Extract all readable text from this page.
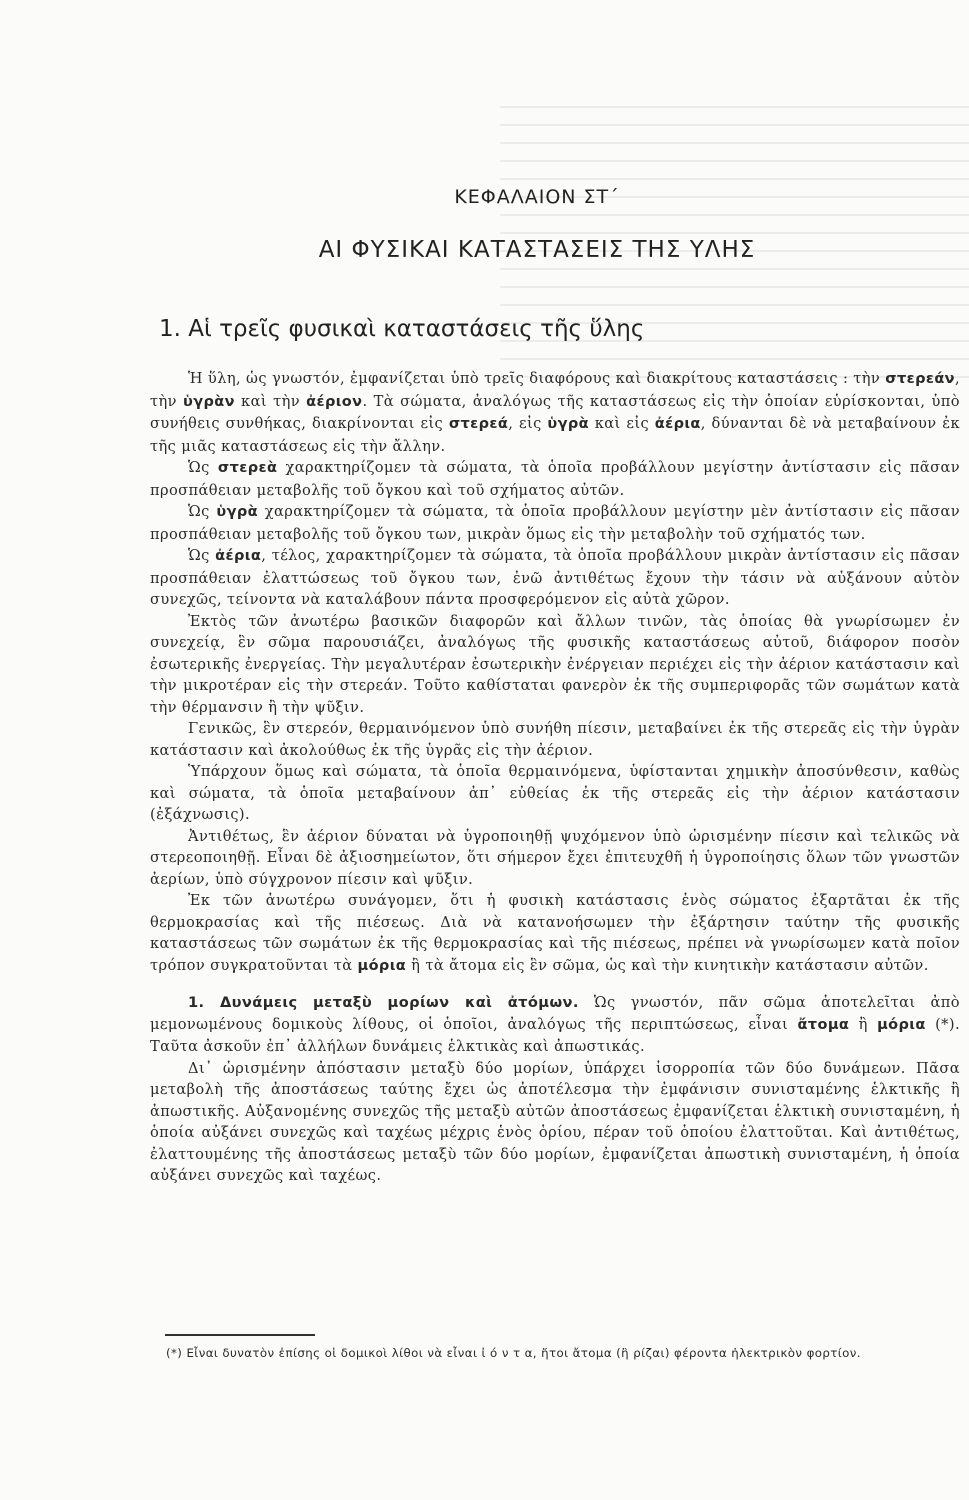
ΚΕΦΑΛΑΙΟΝ ΣΤ΄
ΑΙ ΦΥΣΙΚΑΙ ΚΑΤΑΣΤΑΣΕΙΣ ΤΗΣ ΥΛΗΣ
1. Αἱ τρεῖς φυσικαὶ καταστάσεις τῆς ὕλης

Ἡ ὕλη, ὡς γνωστόν, ἐμφανίζεται ὑπὸ τρεῖς διαφόρους καὶ διακρίτους καταστάσεις : τὴν στερεάν, τὴν ὑγρὰν καὶ τὴν ἀέριον. Τὰ σώματα, ἀναλόγως τῆς καταστάσεως εἰς τὴν ὁποίαν εὑρίσκονται, ὑπὸ συνήθεις συνθήκας, διακρίνονται εἰς στερεά, εἰς ὑγρὰ καὶ εἰς ἀέρια, δύνανται δὲ νὰ μεταβαίνουν ἐκ τῆς μιᾶς καταστάσεως εἰς τὴν ἄλλην.

Ὡς στερεὰ χαρακτηρίζομεν τὰ σώματα, τὰ ὁποῖα προβάλλουν μεγίστην ἀντίστασιν εἰς πᾶσαν προσπάθειαν μεταβολῆς τοῦ ὄγκου καὶ τοῦ σχήματος αὐτῶν.

Ὡς ὑγρὰ χαρακτηρίζομεν τὰ σώματα, τὰ ὁποῖα προβάλλουν μεγίστην μὲν ἀντίστασιν εἰς πᾶσαν προσπάθειαν μεταβολῆς τοῦ ὄγκου των, μικρὰν ὅμως εἰς τὴν μεταβολὴν τοῦ σχήματός των.

Ὡς ἀέρια, τέλος, χαρακτηρίζομεν τὰ σώματα, τὰ ὁποῖα προβάλλουν μικρὰν ἀντίστασιν εἰς πᾶσαν προσπάθειαν ἐλαττώσεως τοῦ ὄγκου των, ἐνῶ ἀντιθέτως ἔχουν τὴν τάσιν νὰ αὐξάνουν αὐτὸν συνεχῶς, τείνοντα νὰ καταλάβουν πάντα προσφερόμενον εἰς αὐτὰ χῶρον.

Ἐκτὸς τῶν ἀνωτέρω βασικῶν διαφορῶν καὶ ἄλλων τινῶν, τὰς ὁποίας θὰ γνωρίσωμεν ἐν συνεχείᾳ, ἓν σῶμα παρουσιάζει, ἀναλόγως τῆς φυσικῆς καταστάσεως αὐτοῦ, διάφορον ποσὸν ἐσωτερικῆς ἐνεργείας. Τὴν μεγαλυτέραν ἐσωτερικὴν ἐνέργειαν περιέχει εἰς τὴν ἀέριον κατάστασιν καὶ τὴν μικροτέραν εἰς τὴν στερεάν. Τοῦτο καθίσταται φανερὸν ἐκ τῆς συμπεριφορᾶς τῶν σωμάτων κατὰ τὴν θέρμανσιν ἢ τὴν ψῦξιν.

Γενικῶς, ἓν στερεόν, θερμαινόμενον ὑπὸ συνήθη πίεσιν, μεταβαίνει ἐκ τῆς στερεᾶς εἰς τὴν ὑγρὰν κατάστασιν καὶ ἀκολούθως ἐκ τῆς ὑγρᾶς εἰς τὴν ἀέριον.

Ὑπάρχουν ὅμως καὶ σώματα, τὰ ὁποῖα θερμαινόμενα, ὑφίστανται χημικὴν ἀποσύνθεσιν, καθὼς καὶ σώματα, τὰ ὁποῖα μεταβαίνουν ἀπ᾽ εὐθείας ἐκ τῆς στερεᾶς εἰς τὴν ἀέριον κατάστασιν (ἐξάχνωσις).

Ἀντιθέτως, ἓν ἀέριον δύναται νὰ ὑγροποιηθῇ ψυχόμενον ὑπὸ ὡρισμένην πίεσιν καὶ τελικῶς νὰ στερεοποιηθῇ. Εἶναι δὲ ἀξιοσημείωτον, ὅτι σήμερον ἔχει ἐπιτευχθῆ ἡ ὑγροποίησις ὅλων τῶν γνωστῶν ἀερίων, ὑπὸ σύγχρονον πίεσιν καὶ ψῦξιν.

Ἐκ τῶν ἀνωτέρω συνάγομεν, ὅτι ἡ φυσικὴ κατάστασις ἑνὸς σώματος ἐξαρτᾶται ἐκ τῆς θερμοκρασίας καὶ τῆς πιέσεως. Διὰ νὰ κατανοήσωμεν τὴν ἐξάρτησιν ταύτην τῆς φυσικῆς καταστάσεως τῶν σωμάτων ἐκ τῆς θερμοκρασίας καὶ τῆς πιέσεως, πρέπει νὰ γνωρίσωμεν κατὰ ποῖον τρόπον συγκρατοῦνται τὰ μόρια ἢ τὰ ἄτομα εἰς ἓν σῶμα, ὡς καὶ τὴν κινητικὴν κατάστασιν αὐτῶν.

1. Δυνάμεις μεταξὺ μορίων καὶ ἀτόμων. Ὡς γνωστόν, πᾶν σῶμα ἀποτελεῖται ἀπὸ μεμονωμένους δομικοὺς λίθους, οἱ ὁποῖοι, ἀναλόγως τῆς περιπτώσεως, εἶναι ἄτομα ἢ μόρια (*). Ταῦτα ἀσκοῦν ἐπ᾽ ἀλλήλων δυνάμεις ἑλκτικὰς καὶ ἀπωστικάς.

Δι᾽ ὡρισμένην ἀπόστασιν μεταξὺ δύο μορίων, ὑπάρχει ἰσορροπία τῶν δύο δυνάμεων. Πᾶσα μεταβολὴ τῆς ἀποστάσεως ταύτης ἔχει ὡς ἀποτέλεσμα τὴν ἐμφάνισιν συνισταμένης ἑλκτικῆς ἢ ἀπωστικῆς. Αὐξανομένης συνεχῶς τῆς μεταξὺ αὐτῶν ἀποστάσεως ἐμφανίζεται ἑλκτικὴ συνισταμένη, ἡ ὁποία αὐξάνει συνεχῶς καὶ ταχέως μέχρις ἑνὸς ὁρίου, πέραν τοῦ ὁποίου ἐλαττοῦται. Καὶ ἀντιθέτως, ἐλαττουμένης τῆς ἀποστάσεως μεταξὺ τῶν δύο μορίων, ἐμφανίζεται ἀπωστικὴ συνισταμένη, ἡ ὁποία αὐξάνει συνεχῶς καὶ ταχέως.

(*) Εἶναι δυνατὸν ἐπίσης οἱ δομικοὶ λίθοι νὰ εἶναι ἰ ό ν τ α, ἤτοι ἄτομα (ἢ ρίζαι) φέροντα ἠλεκτρικὸν φορτίον.
